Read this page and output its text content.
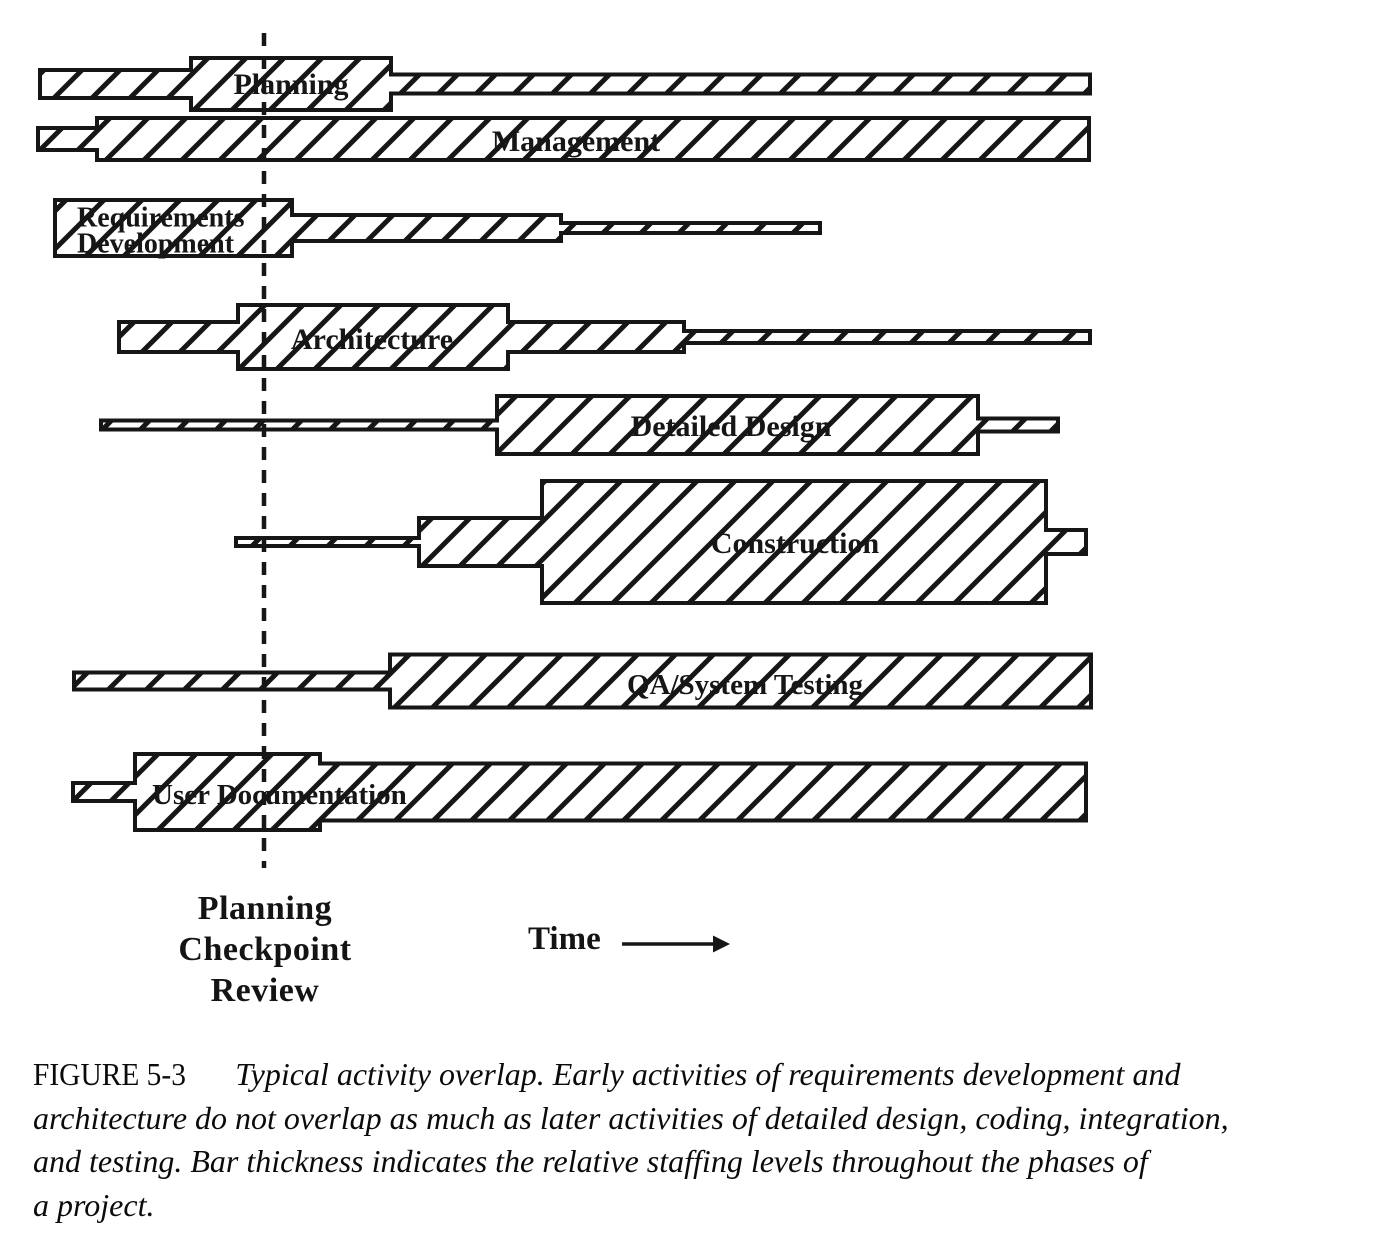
Planning
Management
Requirements Development
Architecture
Detailed Design
Construction
QA/System Testing
User Documentation
Planning
Checkpoint
Review
Time
FIGURE 5-3 Typical activity overlap. Early activities of requirements development and
architecture do not overlap as much as later activities of detailed design, coding, integration,
and testing. Bar thickness indicates the relative staffing levels throughout the phases of
a project.
